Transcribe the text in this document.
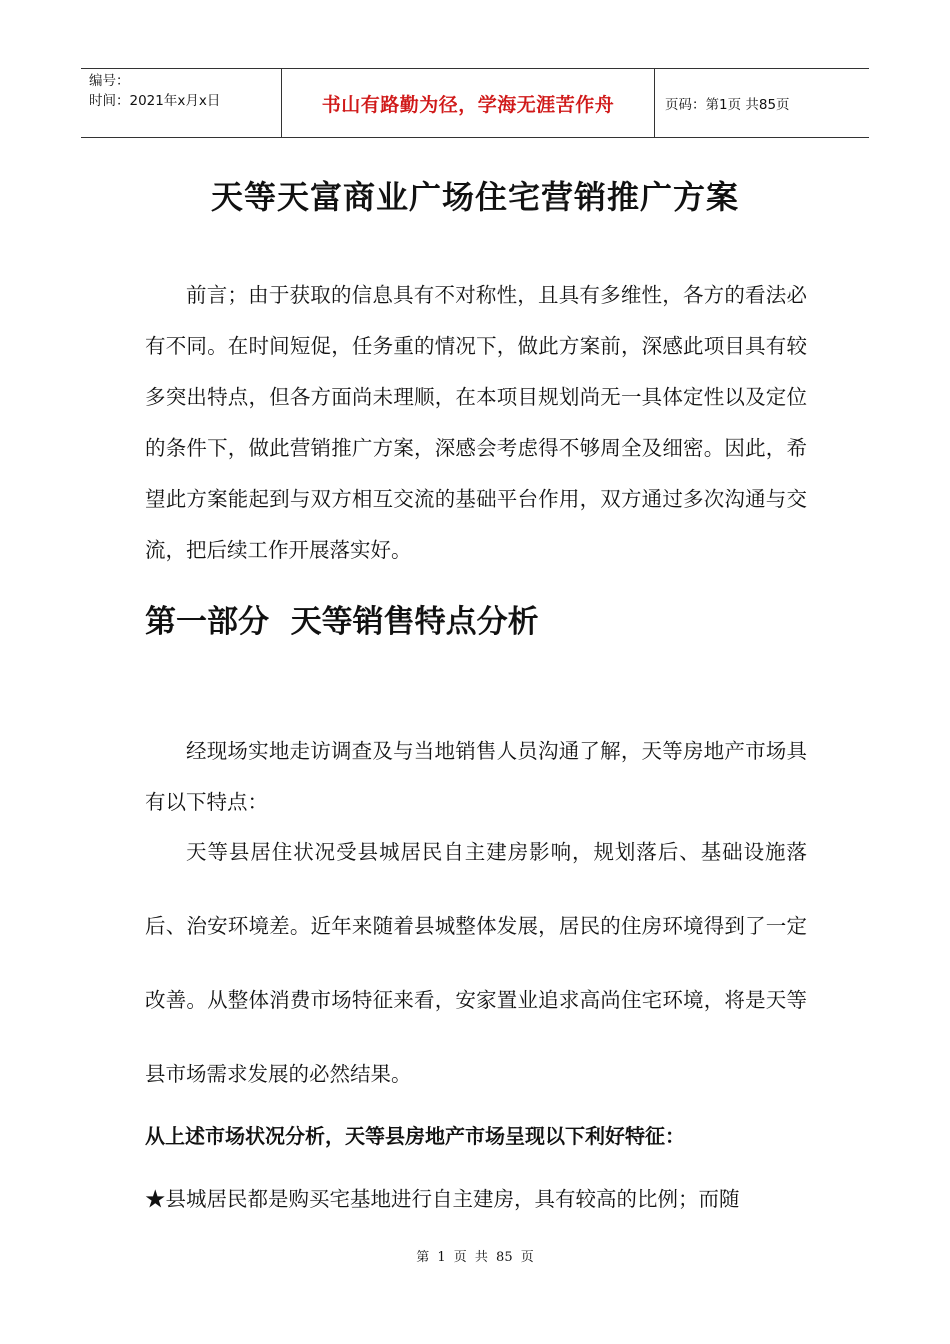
编号：
时间：2021年x月x日	书山有路勤为径，学海无涯苦作舟	页码：第1页 共85页
天等天富商业广场住宅营销推广方案
前言；由于获取的信息具有不对称性，且具有多维性，各方的看法必有不同。在时间短促，任务重的情况下，做此方案前，深感此项目具有较多突出特点，但各方面尚未理顺，在本项目规划尚无一具体定性以及定位的条件下，做此营销推广方案，深感会考虑得不够周全及细密。因此，希望此方案能起到与双方相互交流的基础平台作用，双方通过多次沟通与交流，把后续工作开展落实好。
第一部分  天等销售特点分析
经现场实地走访调查及与当地销售人员沟通了解，天等房地产市场具有以下特点：
天等县居住状况受县城居民自主建房影响，规划落后、基础设施落后、治安环境差。近年来随着县城整体发展，居民的住房环境得到了一定改善。从整体消费市场特征来看，安家置业追求高尚住宅环境，将是天等县市场需求发展的必然结果。
从上述市场状况分析，天等县房地产市场呈现以下利好特征：
★县城居民都是购买宅基地进行自主建房，具有较高的比例；而随
第 1 页 共 85 页
